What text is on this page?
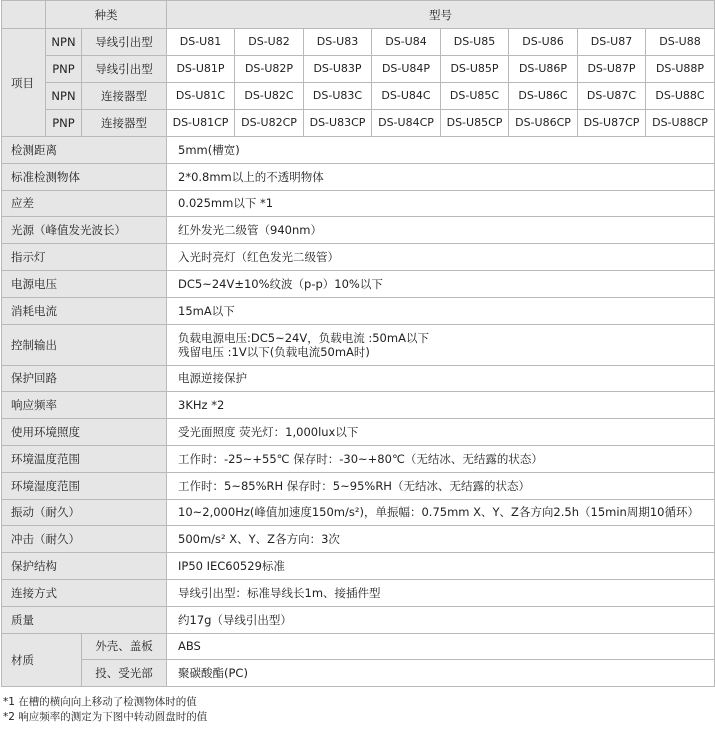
	种类		型号							
项目	NPN	导线引出型	DS-U81	DS-U82	DS-U83	DS-U84	DS-U85	DS-U86	DS-U87	DS-U88
	PNP	导线引出型	DS-U81P	DS-U82P	DS-U83P	DS-U84P	DS-U85P	DS-U86P	DS-U87P	DS-U88P
	NPN	连接器型	DS-U81C	DS-U82C	DS-U83C	DS-U84C	DS-U85C	DS-U86C	DS-U87C	DS-U88C
	PNP	连接器型	DS-U81CP	DS-U82CP	DS-U83CP	DS-U84CP	DS-U85CP	DS-U86CP	DS-U87CP	DS-U88CP
检测距离			5mm(槽宽)							
标准检测物体			2*0.8mm以上的不透明物体							
应差			0.025mm以下 *1							
光源（峰值发光波长）			红外发光二级管（940nm）							
指示灯			入光时亮灯（红色发光二级管）							
电源电压			DC5~24V±10%纹波（p-p）10%以下							
消耗电流			15mA以下							
控制输出			负载电源电压:DC5~24V，负载电流 :50mA以下
残留电压 :1V以下(负载电流50mA时)							

保护回路			电源逆接保护							
响应频率			3KHz *2							
使用环境照度			受光面照度 荧光灯：1,000lux以下							
环境温度范围			工作时：-25~+55℃ 保存时：-30~+80℃（无结冰、无结露的状态）							
环境湿度范围			工作时：5~85%RH 保存时：5~95%RH（无结冰、无结露的状态）							
振动（耐久）			10~2,000Hz(峰值加速度150m/s²)，单振幅：0.75mm X、Y、Z各方向2.5h（15min周期10循环）							
冲击（耐久）			500m/s² X、Y、Z各方向：3次							
保护结构			IP50 IEC60529标准							
连接方式			导线引出型：标准导线长1m、接插件型							
质量			约17g（导线引出型）							
材质		外壳、盖板	ABS							
		投、受光部	聚碳酸酯(PC)							
*1 在槽的横向向上移动了检测物体时的值
*2 响应频率的测定为下图中转动圆盘时的值
